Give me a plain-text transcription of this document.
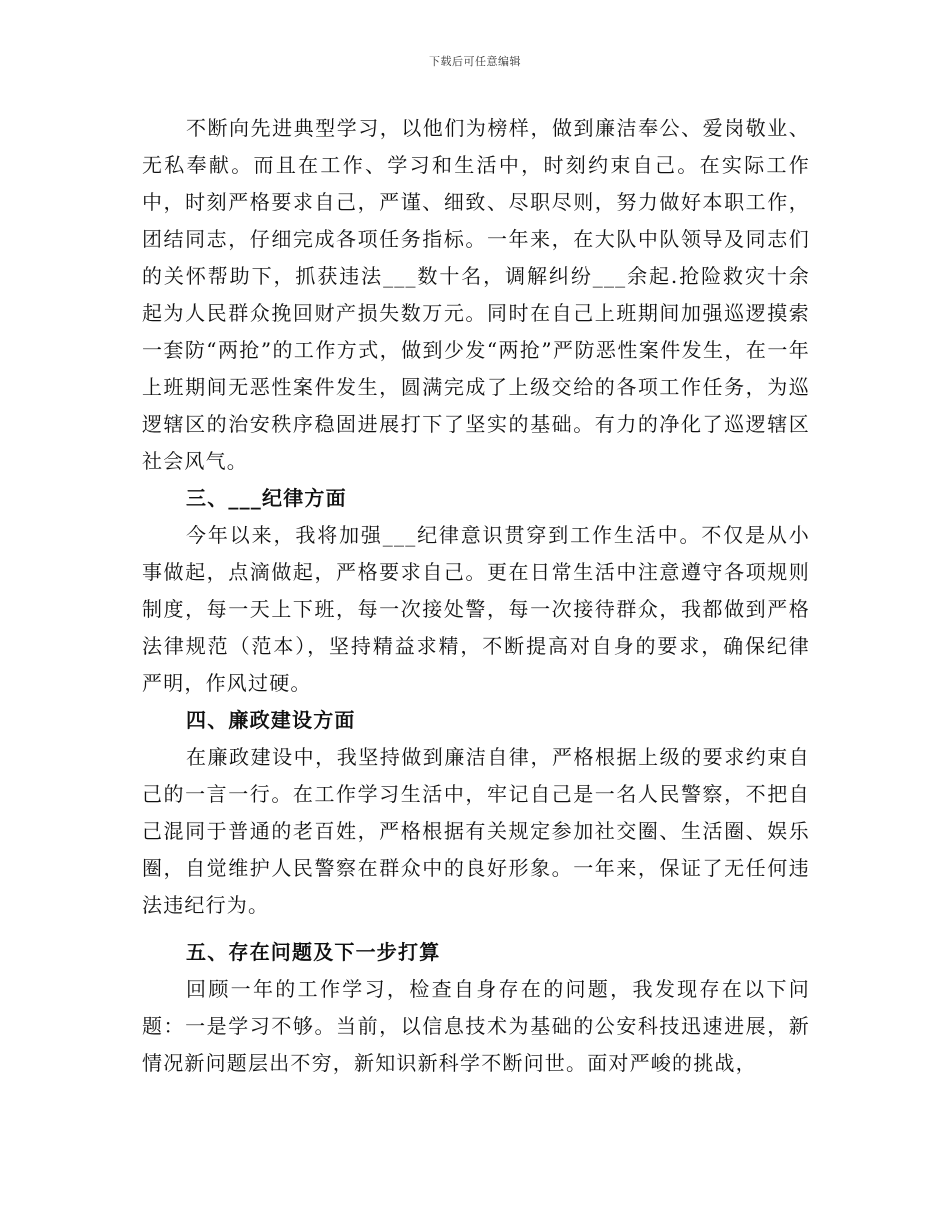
下载后可任意编辑

不断向先进典型学习，以他们为榜样，做到廉洁奉公、爱岗敬业、无私奉献。而且在工作、学习和生活中，时刻约束自己。在实际工作中，时刻严格要求自己，严谨、细致、尽职尽则，努力做好本职工作，团结同志，仔细完成各项任务指标。一年来，在大队中队领导及同志们的关怀帮助下，抓获违法___数十名，调解纠纷___余起.抢险救灾十余起为人民群众挽回财产损失数万元。同时在自己上班期间加强巡逻摸索一套防“两抢”的工作方式，做到少发“两抢”严防恶性案件发生，在一年上班期间无恶性案件发生，圆满完成了上级交给的各项工作任务，为巡逻辖区的治安秩序稳固进展打下了坚实的基础。有力的净化了巡逻辖区社会风气。

三、___纪律方面

今年以来，我将加强___纪律意识贯穿到工作生活中。不仅是从小事做起，点滴做起，严格要求自己。更在日常生活中注意遵守各项规则制度，每一天上下班，每一次接处警，每一次接待群众，我都做到严格法律规范（范本），坚持精益求精，不断提高对自身的要求，确保纪律严明，作风过硬。

四、廉政建设方面

在廉政建设中，我坚持做到廉洁自律，严格根据上级的要求约束自己的一言一行。在工作学习生活中，牢记自己是一名人民警察，不把自己混同于普通的老百姓，严格根据有关规定参加社交圈、生活圈、娱乐圈，自觉维护人民警察在群众中的良好形象。一年来，保证了无任何违法违纪行为。

五、存在问题及下一步打算

回顾一年的工作学习，检查自身存在的问题，我发现存在以下问题：一是学习不够。当前，以信息技术为基础的公安科技迅速进展，新情况新问题层出不穷，新知识新科学不断问世。面对严峻的挑战，
